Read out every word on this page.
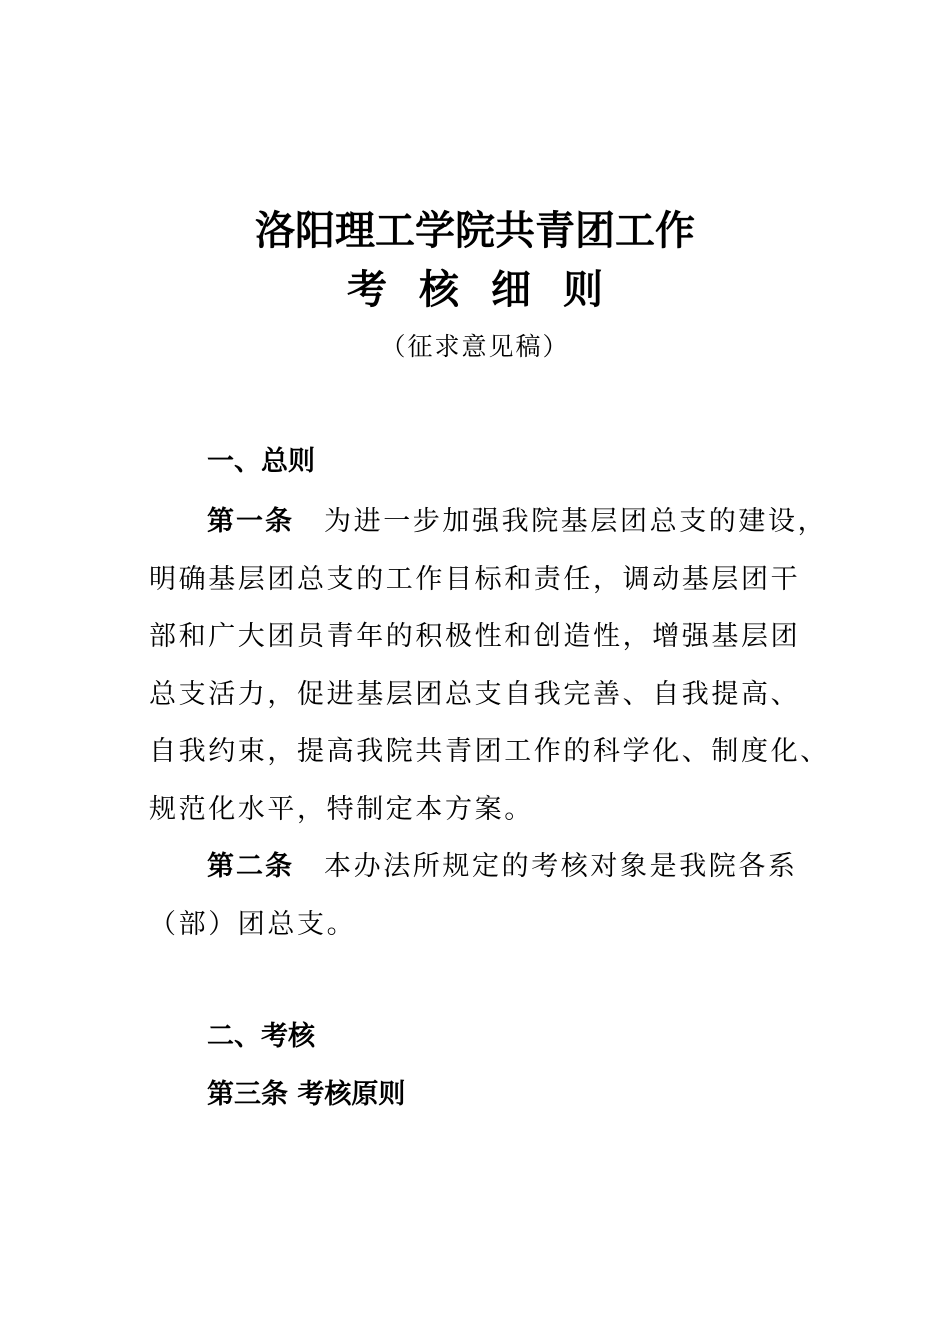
洛阳理工学院共青团工作
考核细则
（征求意见稿）
一、总则
第一条 为进一步加强我院基层团总支的建设，
明确基层团总支的工作目标和责任，调动基层团干
部和广大团员青年的积极性和创造性，增强基层团
总支活力，促进基层团总支自我完善、自我提高、
自我约束，提高我院共青团工作的科学化、制度化、
规范化水平，特制定本方案。
第二条 本办法所规定的考核对象是我院各系
（部）团总支。
二、考核
第三条 考核原则
